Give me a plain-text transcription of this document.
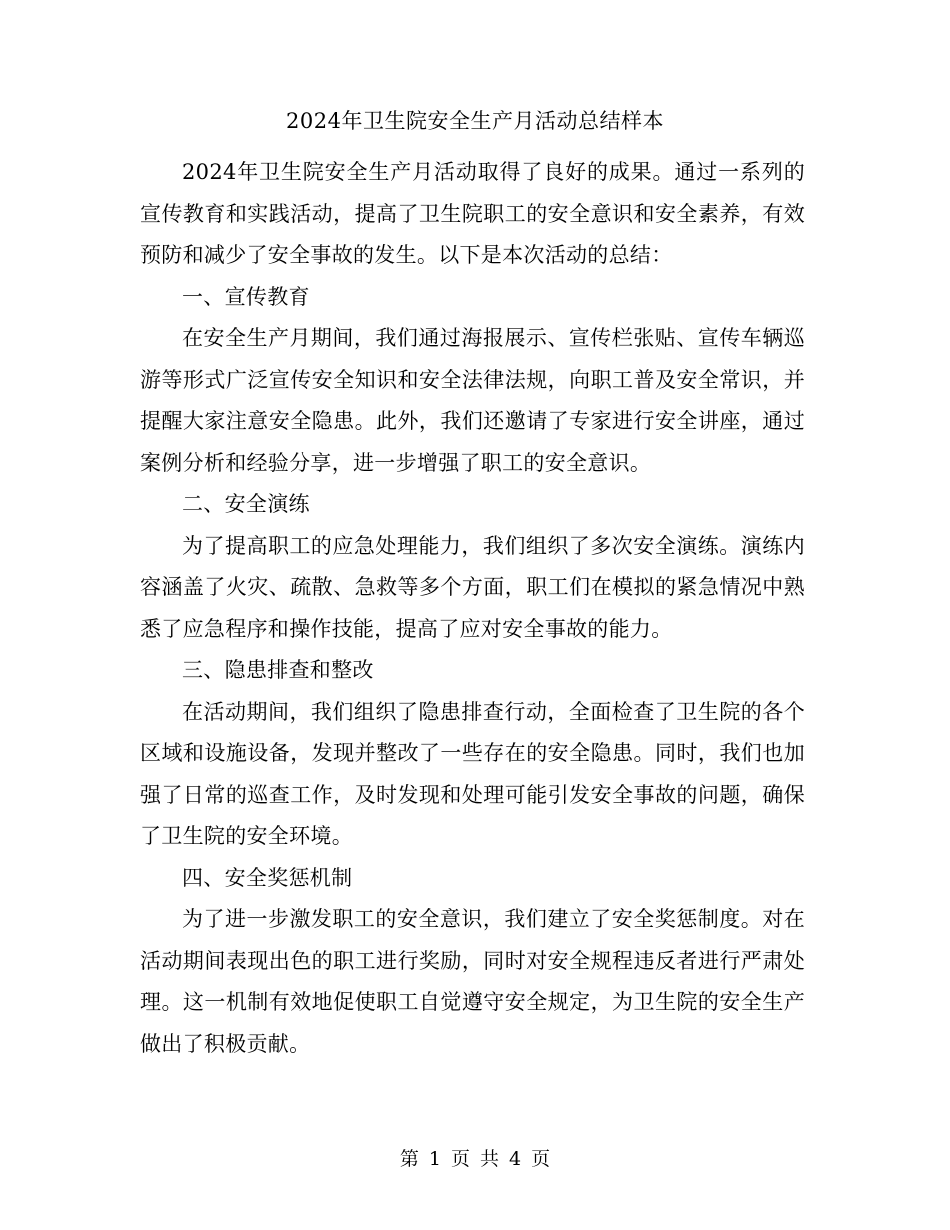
2024年卫生院安全生产月活动总结样本

2024年卫生院安全生产月活动取得了良好的成果。通过一系列的宣传教育和实践活动，提高了卫生院职工的安全意识和安全素养，有效预防和减少了安全事故的发生。以下是本次活动的总结：

一、宣传教育

在安全生产月期间，我们通过海报展示、宣传栏张贴、宣传车辆巡游等形式广泛宣传安全知识和安全法律法规，向职工普及安全常识，并提醒大家注意安全隐患。此外，我们还邀请了专家进行安全讲座，通过案例分析和经验分享，进一步增强了职工的安全意识。

二、安全演练

为了提高职工的应急处理能力，我们组织了多次安全演练。演练内容涵盖了火灾、疏散、急救等多个方面，职工们在模拟的紧急情况中熟悉了应急程序和操作技能，提高了应对安全事故的能力。

三、隐患排查和整改

在活动期间，我们组织了隐患排查行动，全面检查了卫生院的各个区域和设施设备，发现并整改了一些存在的安全隐患。同时，我们也加强了日常的巡查工作，及时发现和处理可能引发安全事故的问题，确保了卫生院的安全环境。

四、安全奖惩机制

为了进一步激发职工的安全意识，我们建立了安全奖惩制度。对在活动期间表现出色的职工进行奖励，同时对安全规程违反者进行严肃处理。这一机制有效地促使职工自觉遵守安全规定，为卫生院的安全生产做出了积极贡献。

第 1 页 共 4 页
